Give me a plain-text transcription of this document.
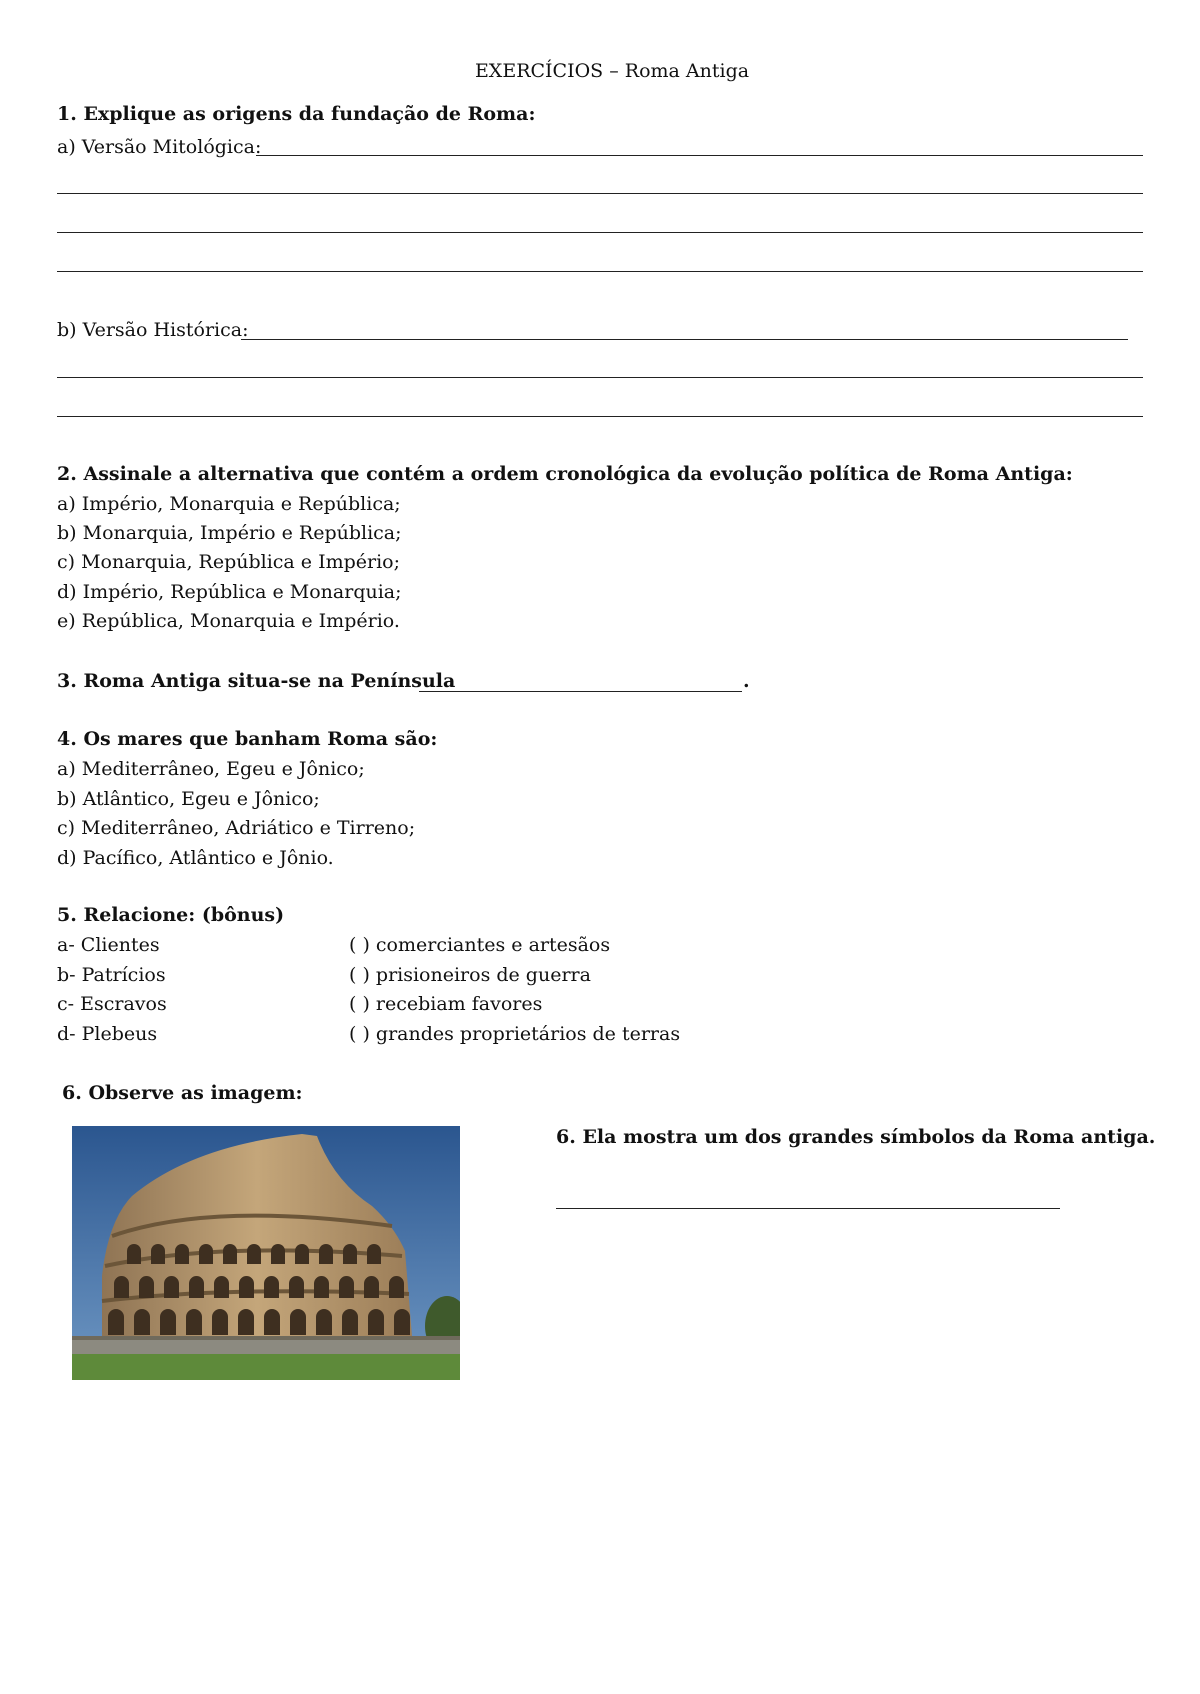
EXERCÍCIOS – Roma Antiga
1. Explique as origens da fundação de Roma:
a) Versão Mitológica:
b) Versão Histórica:
2. Assinale a alternativa que contém a ordem cronológica da evolução política de Roma Antiga:
a) Império, Monarquia e República;
b) Monarquia, Império e República;
c) Monarquia, República e Império;
d) Império, República e Monarquia;
e) República, Monarquia e Império.
3. Roma Antiga situa-se na Península	.
4. Os mares que banham Roma são:
a) Mediterrâneo, Egeu e Jônico;
b) Atlântico, Egeu e Jônico;
c) Mediterrâneo, Adriático e Tirreno;
d) Pacífico, Atlântico e Jônio.
5. Relacione: (bônus)
a- Clientes
b- Patrícios
c- Escravos
d- Plebeus
( ) comerciantes e artesãos
( ) prisioneiros de guerra
( ) recebiam favores
( ) grandes proprietários de terras
6. Observe as imagem:
6. Ela mostra um dos grandes símbolos da Roma antiga.
